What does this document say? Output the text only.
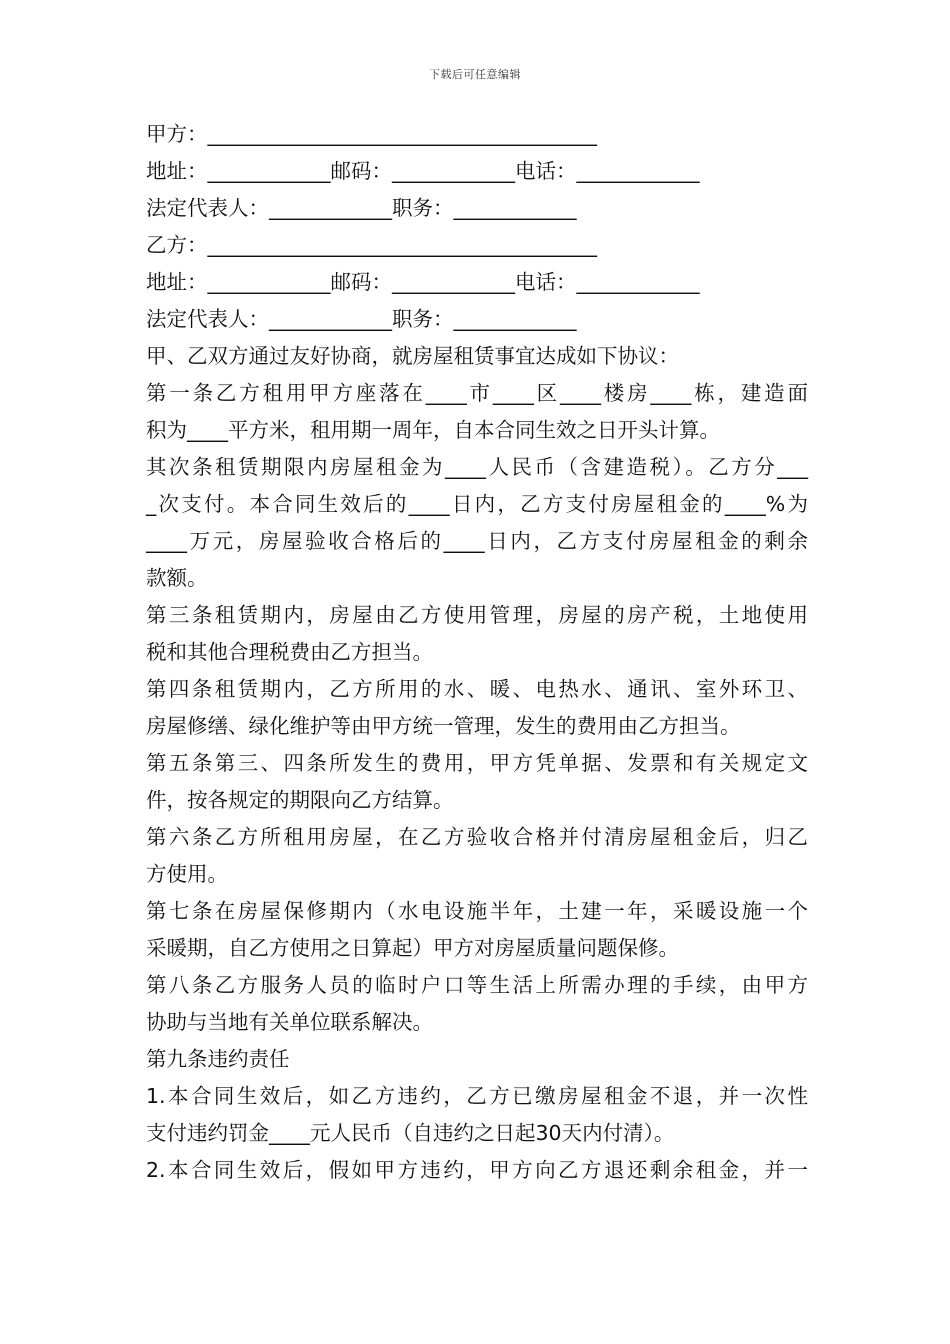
下载后可任意编辑
甲方：______________________________________
地址：____________邮码：____________电话：____________
法定代表人：____________职务：____________
乙方：______________________________________
地址：____________邮码：____________电话：____________
法定代表人：____________职务：____________
甲、乙双方通过友好协商，就房屋租赁事宜达成如下协议：
第一条乙方租用甲方座落在____市____区____楼房____栋，建造面
积为____平方米，租用期一周年，自本合同生效之日开头计算。
其次条租赁期限内房屋租金为____人民币（含建造税）。乙方分___
_次支付。本合同生效后的____日内，乙方支付房屋租金的____%为
____万元，房屋验收合格后的____日内，乙方支付房屋租金的剩余
款额。
第三条租赁期内，房屋由乙方使用管理，房屋的房产税，土地使用
税和其他合理税费由乙方担当。
第四条租赁期内，乙方所用的水、暖、电热水、通讯、室外环卫、
房屋修缮、绿化维护等由甲方统一管理，发生的费用由乙方担当。
第五条第三、四条所发生的费用，甲方凭单据、发票和有关规定文
件，按各规定的期限向乙方结算。
第六条乙方所租用房屋，在乙方验收合格并付清房屋租金后，归乙
方使用。
第七条在房屋保修期内（水电设施半年，土建一年，采暖设施一个
采暖期，自乙方使用之日算起）甲方对房屋质量问题保修。
第八条乙方服务人员的临时户口等生活上所需办理的手续，由甲方
协助与当地有关单位联系解决。
第九条违约责任
1.本合同生效后，如乙方违约，乙方已缴房屋租金不退，并一次性
支付违约罚金____元人民币（自违约之日起30天内付清）。
2.本合同生效后，假如甲方违约，甲方向乙方退还剩余租金，并一
